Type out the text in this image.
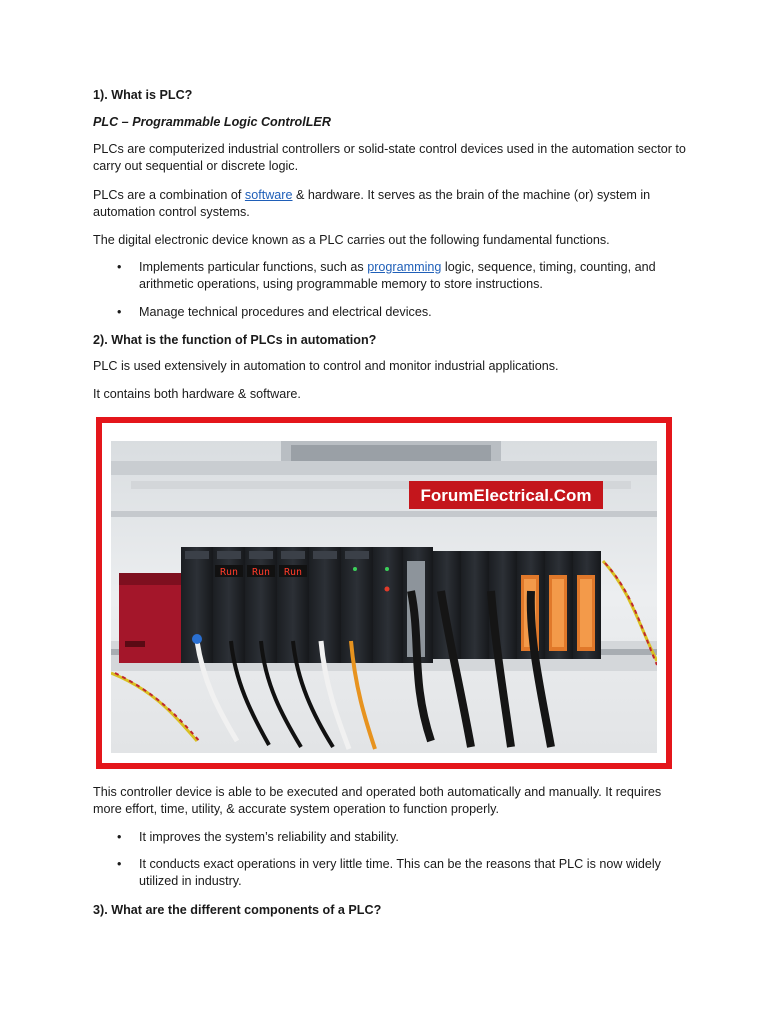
1). What is PLC?

PLC – Programmable Logic ControlLER

PLCs are computerized industrial controllers or solid-state control devices used in the automation sector to carry out sequential or discrete logic.

PLCs are a combination of software & hardware. It serves as the brain of the machine (or) system in automation control systems.

The digital electronic device known as a PLC carries out the following fundamental functions.

• Implements particular functions, such as programming logic, sequence, timing, counting, and arithmetic operations, using programmable memory to store instructions.
• Manage technical procedures and electrical devices.

2). What is the function of PLCs in automation?

PLC is used extensively in automation to control and monitor industrial applications.

It contains both hardware & software.

Run Run Run
ForumElectrical.Com

This controller device is able to be executed and operated both automatically and manually. It requires more effort, time, utility, & accurate system operation to function properly.

• It improves the system’s reliability and stability.
• It conducts exact operations in very little time. This can be the reasons that PLC is now widely utilized in industry.

3). What are the different components of a PLC?
